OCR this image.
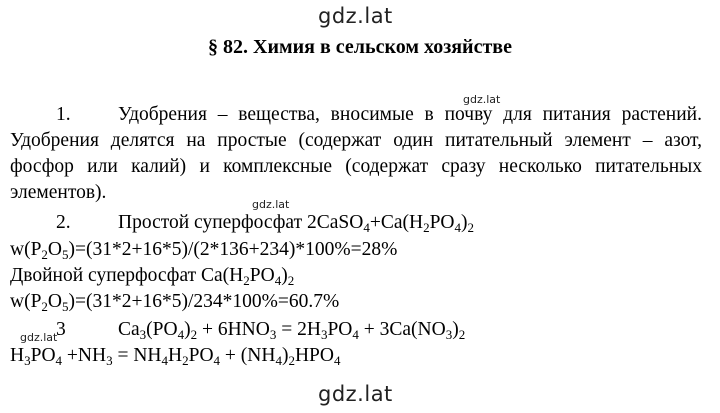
gdz.lat
§ 82. Химия в сельском хозяйстве
gdz.lat
1. Удобрения – вещества, вносимые в почву для питания растений.
Удобрения делятся на простые (содержат один питательный элемент – азот,
фосфор или калий) и комплексные (содержат сразу несколько питательных
элементов).
gdz.lat
2. Простой суперфосфат $2CaSO_4+Ca(H_2PO_4)_2$
$w(P_2O_5)=(31*2+16*5)/(2*136+234)*100\%=28\%$
Двойной суперфосфат $Ca(H_2PO_4)_2$
$w(P_2O_5)=(31*2+16*5)/234*100\%=60.7\%$
3	$Ca_3(PO_4)_2 + 6HNO_3 = 2H_3PO_4 + 3Ca(NO_3)_2$
gdz.lat
$H_3PO_4 +NH_3 = NH_4H_2PO_4 + (NH_4)_2HPO_4$
gdz.lat
